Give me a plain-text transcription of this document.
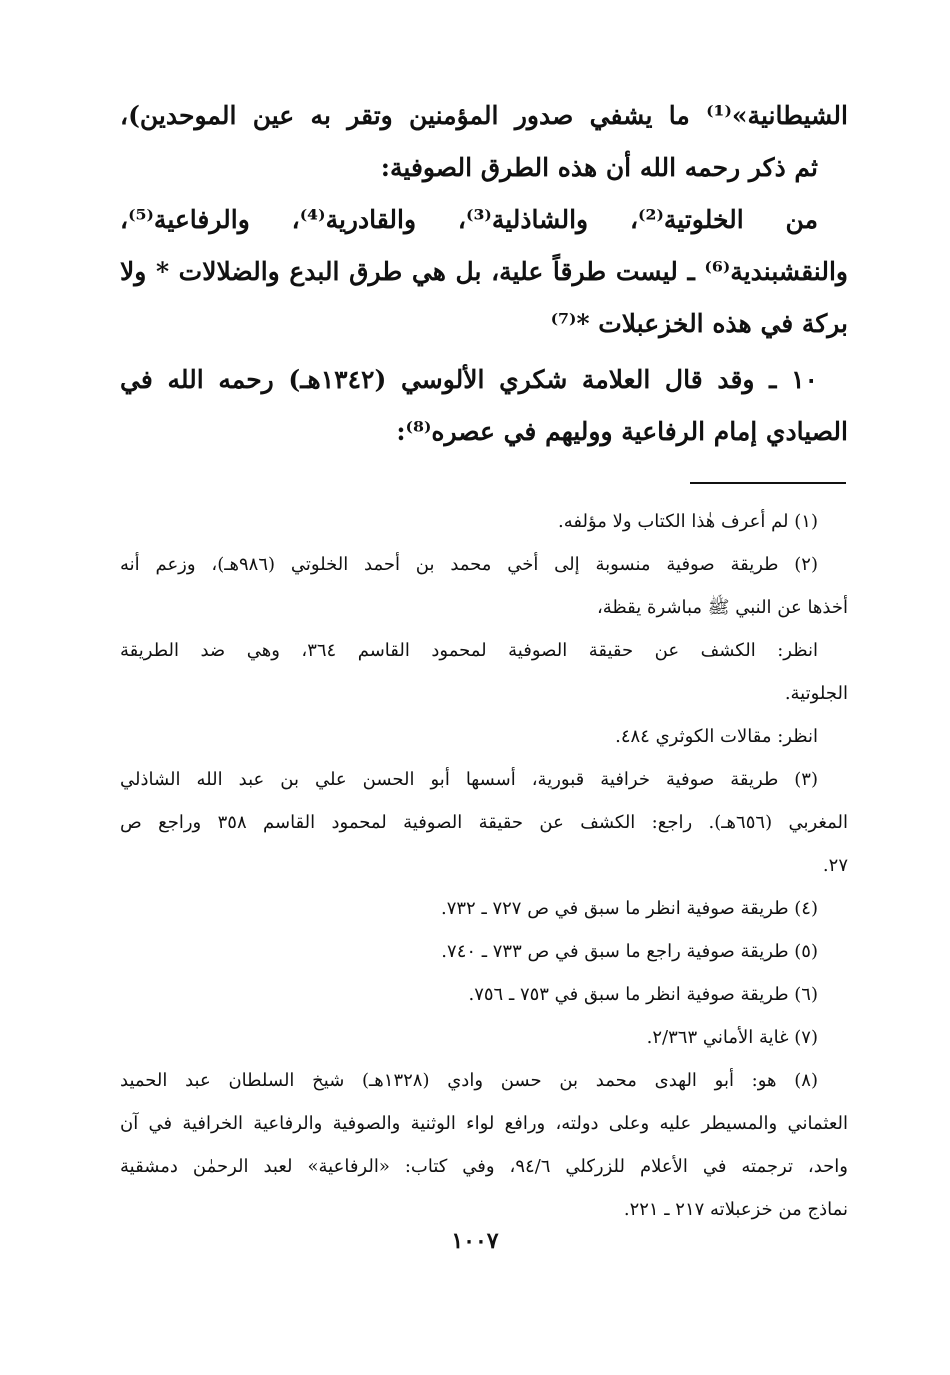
الشيطانية»⁽¹⁾ ما يشفي صدور المؤمنين وتقر به عين الموحدين)،

ثم ذكر رحمه الله أن هذه الطرق الصوفية:

من الخلوتية⁽²⁾، والشاذلية⁽³⁾، والقادرية⁽⁴⁾، والرفاعية⁽⁵⁾،

والنقشبندية⁽⁶⁾ ـ ليست طرقاً علية، بل هي طرق البدع والضلالات * ولا

بركة في هذه الخزعبلات *⁽⁷⁾

١٠ ـ وقد قال العلامة شكري الألوسي (١٣٤٢هـ) رحمه الله في

الصيادي إمام الرفاعية ووليهم في عصره⁽⁸⁾:

(١) لم أعرف هٰذا الكتاب ولا مؤلفه.

(٢) طريقة صوفية منسوبة إلى أخي محمد بن أحمد الخلوتي (٩٨٦هـ)، وزعم أنه

أخذها عن النبي ﷺ مباشرة يقظة،

انظر: الكشف عن حقيقة الصوفية لمحمود القاسم ٣٦٤، وهي ضد الطريقة

الجلوتية.

انظر: مقالات الكوثري ٤٨٤.

(٣) طريقة صوفية خرافية قبورية، أسسها أبو الحسن علي بن عبد الله الشاذلي

المغربي (٦٥٦هـ). راجع: الكشف عن حقيقة الصوفية لمحمود القاسم ٣٥٨ وراجع ص

٢٧.

(٤) طريقة صوفية انظر ما سبق في ص ٧٢٧ ـ ٧٣٢.

(٥) طريقة صوفية راجع ما سبق في ص ٧٣٣ ـ ٧٤٠.

(٦) طريقة صوفية انظر ما سبق في ٧٥٣ ـ ٧٥٦.

(٧) غاية الأماني ٢/٣٦٣.

(٨) هو: أبو الهدى محمد بن حسن وادي (١٣٢٨هـ) شيخ السلطان عبد الحميد

العثماني والمسيطر عليه وعلى دولته، ورافع لواء الوثنية والصوفية والرفاعية الخرافية في آن

واحد، ترجمته في الأعلام للزركلي ٩٤/٦، وفي كتاب: «الرفاعية» لعبد الرحمٰن دمشقية

نماذج من خزعبلاته ٢١٧ ـ ٢٢١.

١٠٠٧
